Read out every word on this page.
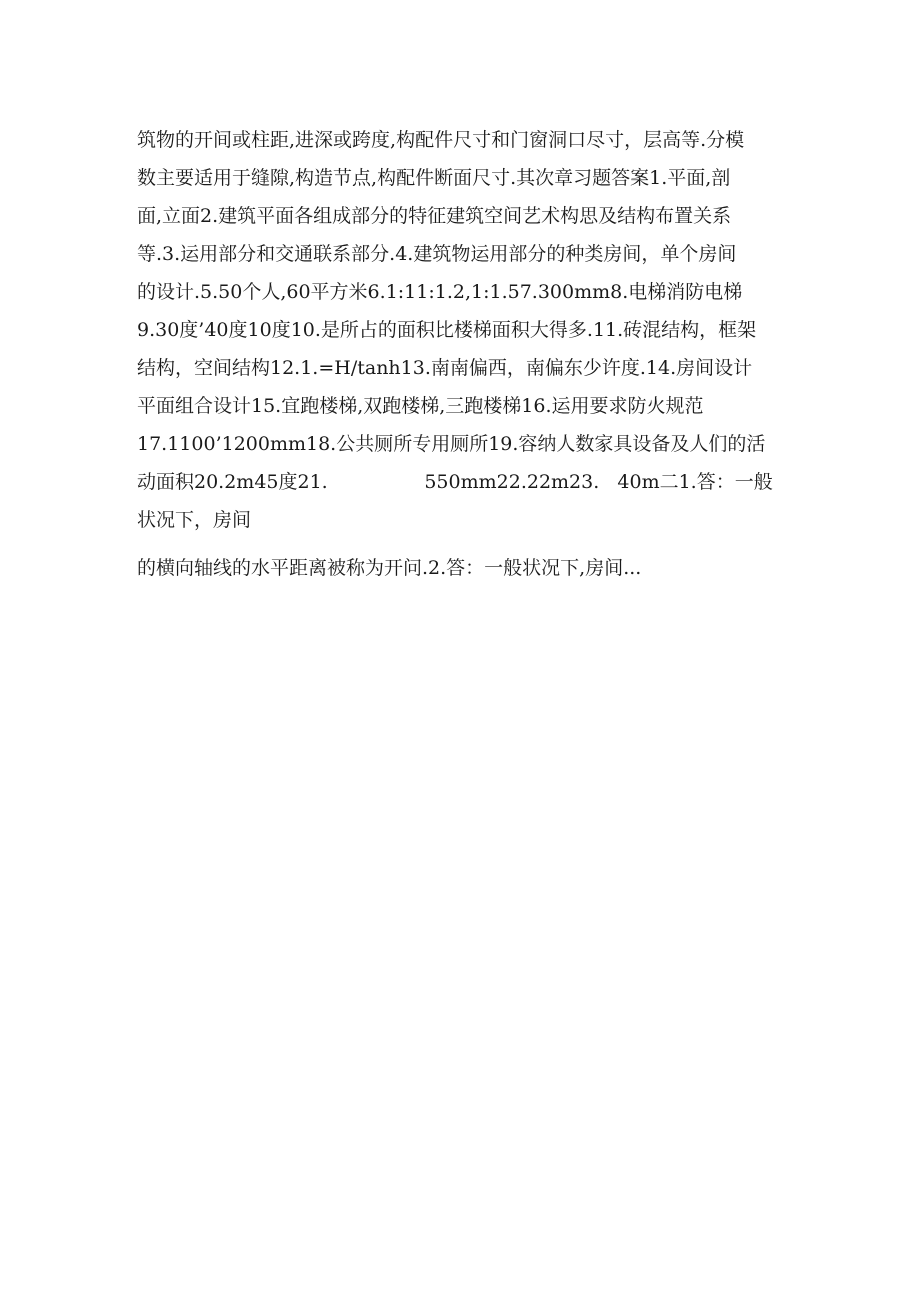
筑物的开间或柱距,进深或跨度,构配件尺寸和门窗洞口尽寸，层高等.分模
数主要适用于缝隙,构造节点,构配件断面尺寸.其次章习题答案1.平面,剖
面,立面2.建筑平面各组成部分的特征建筑空间艺术构思及结构布置关系
等.3.运用部分和交通联系部分.4.建筑物运用部分的种类房间，单个房间
的设计.5.50个人,60平方米6.1:11:1.2,1:1.57.300mm8.电梯消防电梯
9.30度’40度10度10.是所占的面积比楼梯面积大得多.11.砖混结构，框架
结构，空间结构12.1.=H/tanh13.南南偏西，南偏东少许度.14.房间设计
平面组合设计15.宜跑楼梯,双跑楼梯,三跑楼梯16.运用要求防火规范
17.1100’1200mm18.公共厕所专用厕所19.容纳人数家具设备及人们的活
动面积20.2m45度21.                550mm22.22m23.   40m二1.答：一般
状况下，房间
的横向轴线的水平距离被称为开问.2.答：一般状况下,房间...
